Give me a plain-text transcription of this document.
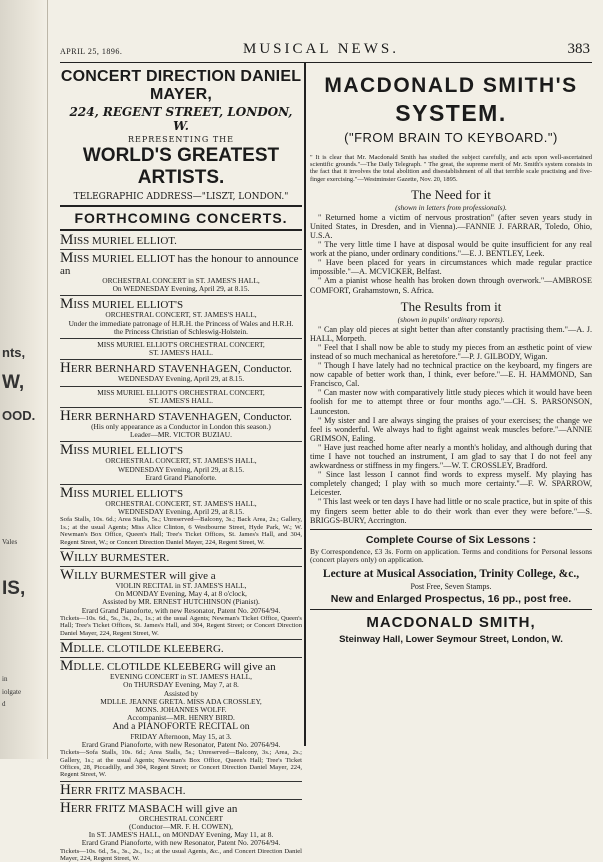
nts,
W,
OOD.
Vales
IS,
in
iolgate
d
APRIL 25, 1896.	MUSICAL NEWS.	383
CONCERT DIRECTION DANIEL MAYER,
224, REGENT STREET, LONDON, W.
REPRESENTING THE
WORLD'S GREATEST ARTISTS.
TELEGRAPHIC ADDRESS—"LISZT, LONDON."
FORTHCOMING CONCERTS.
MISS MURIEL ELLIOT.
MISS MURIEL ELLIOT has the honour to announce an
ORCHESTRAL CONCERT in ST. JAMES'S HALL,
On WEDNESDAY Evening, April 29, at 8.15.
MISS MURIEL ELLIOT'S
ORCHESTRAL CONCERT, ST. JAMES'S HALL,
Under the immediate patronage of H.R.H. the Princess of Wales and H.R.H.
the Princess Christian of Schleswig-Holstein.
MISS MURIEL ELLIOT'S ORCHESTRAL CONCERT,
ST. JAMES'S HALL.
HERR BERNHARD STAVENHAGEN, Conductor.
WEDNESDAY Evening, April 29, at 8.15.
MISS MURIEL ELLIOT'S ORCHESTRAL CONCERT,
ST. JAMES'S HALL.
HERR BERNHARD STAVENHAGEN, Conductor.
(His only appearance as a Conductor in London this season.)
Leader—MR. VICTOR BUZIAU.
MISS MURIEL ELLIOT'S
ORCHESTRAL CONCERT, ST. JAMES'S HALL,
WEDNESDAY Evening, April 29, at 8.15.
Erard Grand Pianoforte.
MISS MURIEL ELLIOT'S
ORCHESTRAL CONCERT, ST. JAMES'S HALL,
WEDNESDAY Evening, April 29, at 8.15.
Sofa Stalls, 10s. 6d.; Area Stalls, 5s.; Unreserved—Balcony, 3s.; Back Area, 2s.; Gallery, 1s.; at the usual Agents; Miss Alice Clinton, 6 Westbourne Street, Hyde Park, W.; W. Newman's Box Office, Queen's Hall; Tree's Ticket Offices, St. James's Hall, and 304, Regent Street, W.; or Concert Direction Daniel Mayer, 224, Regent Street, W.
WILLY BURMESTER.
WILLY BURMESTER will give a
VIOLIN RECITAL in ST. JAMES'S HALL,
On MONDAY Evening, May 4, at 8 o'clock,
Assisted by MR. ERNEST HUTCHINSON (Pianist).
Erard Grand Pianoforte, with new Resonator, Patent No. 20764/94.
Tickets—10s. 6d., 5s., 3s., 2s., 1s.; at the usual Agents; Newman's Ticket Office, Queen's Hall; Tree's Ticket Offices, St. James's Hall, and 304, Regent Street; or Concert Direction Daniel Mayer, 224, Regent Street, W.
MDLLE. CLOTILDE KLEEBERG.
MDLLE. CLOTILDE KLEEBERG will give an
EVENING CONCERT in ST. JAMES'S HALL,
On THURSDAY Evening, May 7, at 8.
Assisted by
MDLLE. JEANNE GRETA. MISS ADA CROSSLEY,
MONS. JOHANNES WOLFF.
Accompanist—MR. HENRY BIRD.
And a PIANOFORTE RECITAL on
FRIDAY Afternoon, May 15, at 3.
Erard Grand Pianoforte, with new Resonator, Patent No. 20764/94.
Tickets—Sofa Stalls, 10s. 6d.; Area Stalls, 5s.; Unreserved—Balcony, 3s.; Area, 2s.; Gallery, 1s.; at the usual Agents; Newman's Box Office, Queen's Hall; Tree's Ticket Offices, 28, Piccadilly, and 304, Regent Street; or Concert Direction Daniel Mayer, 224, Regent Street, W.
HERR FRITZ MASBACH.
HERR FRITZ MASBACH will give an
ORCHESTRAL CONCERT
(Conductor—MR. F. H. COWEN),
In ST. JAMES'S HALL, on MONDAY Evening, May 11, at 8.
Erard Grand Pianoforte, with new Resonator, Patent No. 20764/94.
Tickets—10s. 6d., 5s., 3s., 2s., 1s.; at the usual Agents, &c., and Concert Direction Daniel Mayer, 224, Regent Street, W.
MACDONALD SMITH'S
SYSTEM.
("FROM BRAIN TO KEYBOARD.")
" It is clear that Mr. Macdonald Smith has studied the subject carefully, and acts upon well-ascertained scientific grounds."—The Daily Telegraph. " The great, the supreme merit of Mr. Smith's system consists in the fact that it involves the total abolition and disestablishment of all that terrible scale practising and five-finger exercising."—Westminster Gazette, Nov. 20, 1895.
The Need for it
(shown in letters from professionals).

" Returned home a victim of nervous prostration" (after seven years study in United States, in Dresden, and in Vienna).—FANNIE J. FARRAR, Toledo, Ohio, U.S.A.

" The very little time I have at disposal would be quite insufficient for any real work at the piano, under ordinary conditions."—E. J. BENTLEY, Leek.

" Have been placed for years in circumstances which made regular practice impossible."—A. MCVICKER, Belfast.

" Am a pianist whose health has broken down through overwork."—AMBROSE COMFORT, Grahamstown, S. Africa.

The Results from it
(shown in pupils' ordinary reports).

" Can play old pieces at sight better than after constantly practising them."—A. J. HALL, Morpeth.

" Feel that I shall now be able to study my pieces from an æsthetic point of view instead of so much mechanical as heretofore."—P. J. GILBODY, Wigan.

" Though I have lately had no technical practice on the keyboard, my fingers are now capable of better work than, I think, ever before."—E. H. HAMMOND, San Francisco, Cal.

" Can master now with comparatively little study pieces which it would have been foolish for me to attempt three or four months ago."—CH. S. PARSONSON, Launceston.

" My sister and I are always singing the praises of your exercises; the change we feel is wonderful. We always had to fight against weak muscles before."—ANNIE GRIMSON, Ealing.

" Have just reached home after nearly a month's holiday, and although during that time I have not touched an instrument, I am glad to say that I do not feel any awkwardness or stiffness in my fingers."—W. T. CROSSLEY, Bradford.

" Since last lesson I cannot find words to express myself. My playing has completely changed; I play with so much more certainty."—F. W. SPARROW, Leicester.

" This last week or ten days I have had little or no scale practice, but in spite of this my fingers seem better able to do their work than ever they were before."—S. BRIGGS-BURY, Accrington.

Complete Course of Six Lessons :
By Correspondence, £3 3s. Form on application. Terms and conditions for Personal lessons (concert players only) on application.
Lecture at Musical Association, Trinity College, &c.,
Post Free, Seven Stamps.
New and Enlarged Prospectus, 16 pp., post free.
MACDONALD SMITH,
Steinway Hall, Lower Seymour Street, London, W.
